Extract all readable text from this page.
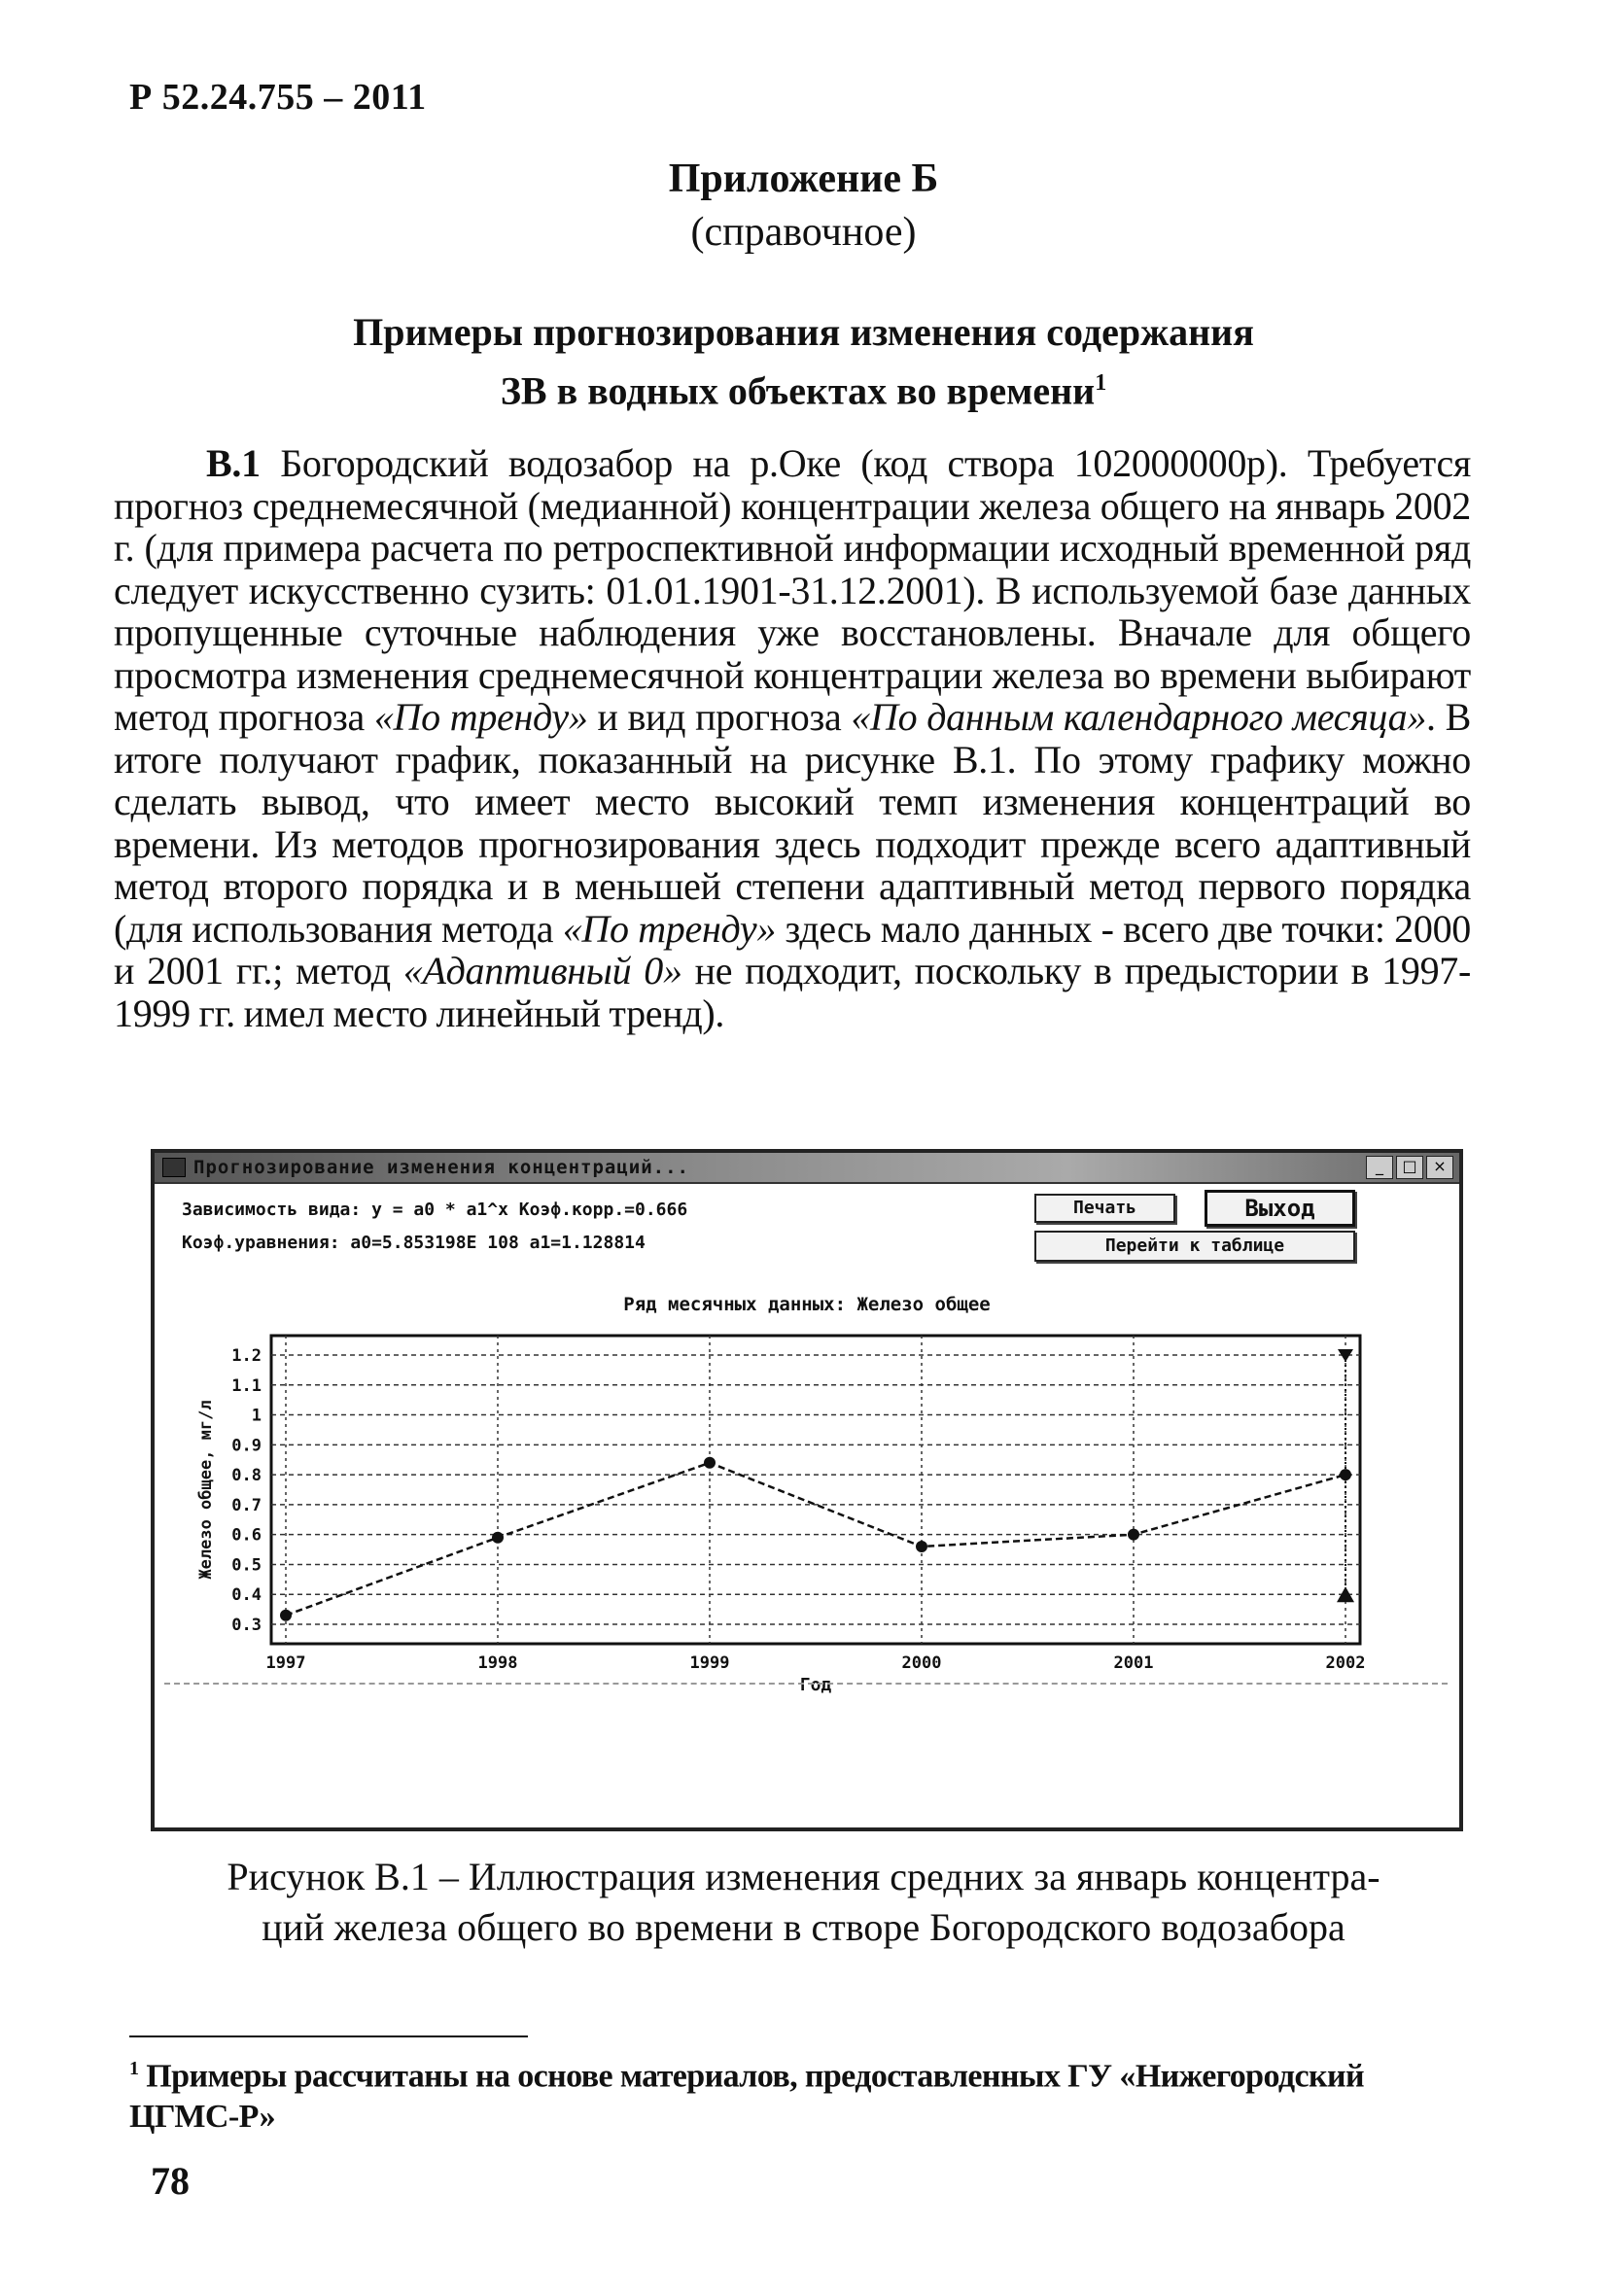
Р 52.24.755 – 2011
Приложение Б
(справочное)
Примеры прогнозирования изменения содержания
ЗВ в водных объектах во времени$^1$
B.1 Богородский водозабор на р.Оке (код створа 102000000р). Требуется прогноз среднемесячной (медианной) концентрации железа общего на январь 2002 г. (для примера расчета по ретроспективной информации исходный временной ряд следует искусственно сузить: 01.01.1901-31.12.2001). В используемой базе данных пропущенные суточные наблюдения уже восстановлены. Вначале для общего просмотра изменения среднемесячной концентрации железа во времени выбирают метод прогноза «По тренду» и вид прогноза «По данным календарного месяца». В итоге получают график, показанный на рисунке В.1. По этому графику можно сделать вывод, что имеет место высокий темп изменения концентраций во времени. Из методов прогнозирования здесь подходит прежде всего адаптивный метод второго порядка и в меньшей степени адаптивный метод первого порядка (для использования метода «По тренду» здесь мало данных - всего две точки: 2000 и 2001 гг.; метод «Адаптивный 0» не подходит, поскольку в предыстории в 1997-1999 гг. имел место линейный тренд).
Прогнозирование изменения концентраций...	_	□	×
Зависимость вида: y = a0 * a1^x Коэф.корр.=0.666
Коэф.уравнения: a0=5.853198E 108 a1=1.128814
Печать	Выход
Перейти к таблице
Ряд месячных данных: Железо общее
0.3
0.4
0.5
0.6
0.7
0.8
0.9
1
1.1
1.2
1997	1998	1999	2000	2001	2002
Год
Железо общее, мг/л
Рисунок В.1 – Иллюстрация изменения средних за январь концентра-
ций железа общего во времени в створе Богородского водозабора
$^1$ Примеры рассчитаны на основе материалов, предоставленных ГУ «Нижегородский ЦГМС-Р»
78
